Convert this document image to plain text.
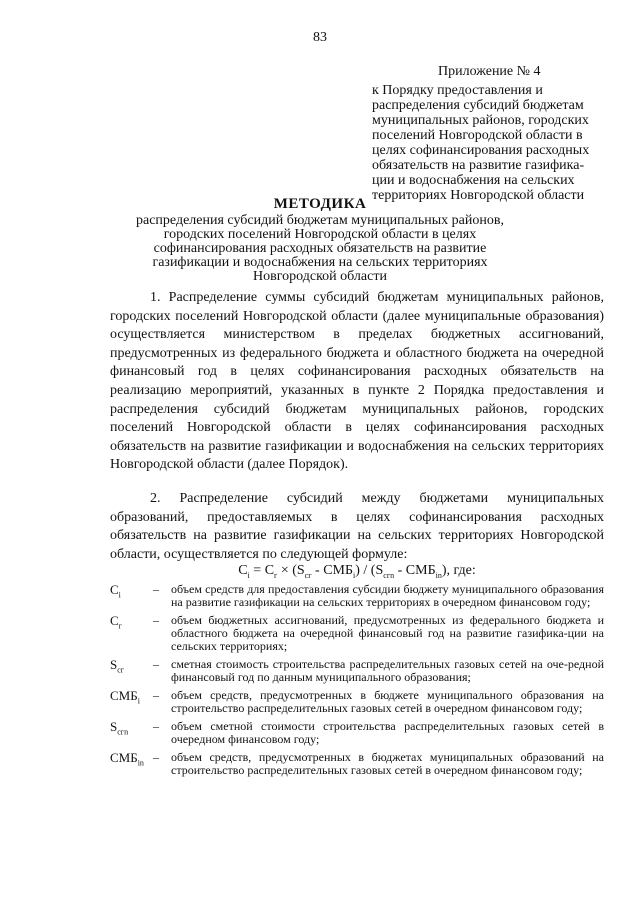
83
Приложение № 4
к Порядку предоставления и распределения субсидий бюджетам муниципальных районов, городских поселений Новгородской области в целях софинансирования расходных обязательств на развитие газифика-ции и водоснабжения на сельских территориях Новгородской области
МЕТОДИКА
распределения субсидий бюджетам муниципальных районов, городских поселений Новгородской области в целях софинансирования расходных обязательств на развитие газификации и водоснабжения на сельских территориях Новгородской области

1. Распределение суммы субсидий бюджетам муниципальных районов, городских поселений Новгородской области (далее муниципальные образования) осуществляется министерством в пределах бюджетных ассигнований, предусмотренных из федерального бюджета и областного бюджета на очередной финансовый год в целях софинансирования расходных обязательств на реализацию мероприятий, указанных в пункте 2 Порядка предоставления и распределения субсидий бюджетам муниципальных районов, городских поселений Новгородской области в целях софинансирования расходных обязательств на развитие газификации и водоснабжения на сельских территориях Новгородской области (далее Порядок).

2. Распределение субсидий между бюджетами муниципальных образований, предоставляемых в целях софинансирования расходных обязательств на развитие газификации на сельских территориях Новгородской области, осуществляется по следующей формуле:

$C_i = C_г \times (S_{сг} - СМБ_i) / (S_{сгn} - СМБ_{in})$, где:
$C_i$	–	объем средств для предоставления субсидии бюджету муниципального образования на развитие газификации на сельских территориях в очередном финансовом году;
$C_г$	–	объем бюджетных ассигнований, предусмотренных из федерального бюджета и областного бюджета на очередной финансовый год на развитие газифика-ции на сельских территориях;
$S_{сг}$	–	сметная стоимость строительства распределительных газовых сетей на оче-редной финансовый год по данным муниципального образования;
$СМБ_i$	–	объем средств, предусмотренных в бюджете муниципального образования на строительство распределительных газовых сетей в очередном финансовом году;
$S_{сгn}$	–	объем сметной стоимости строительства распределительных газовых сетей в очередном финансовом году;
$СМБ_{in}$ –	объем средств, предусмотренных в бюджетах муниципальных образований на строительство распределительных газовых сетей в очередном финансовом году;
